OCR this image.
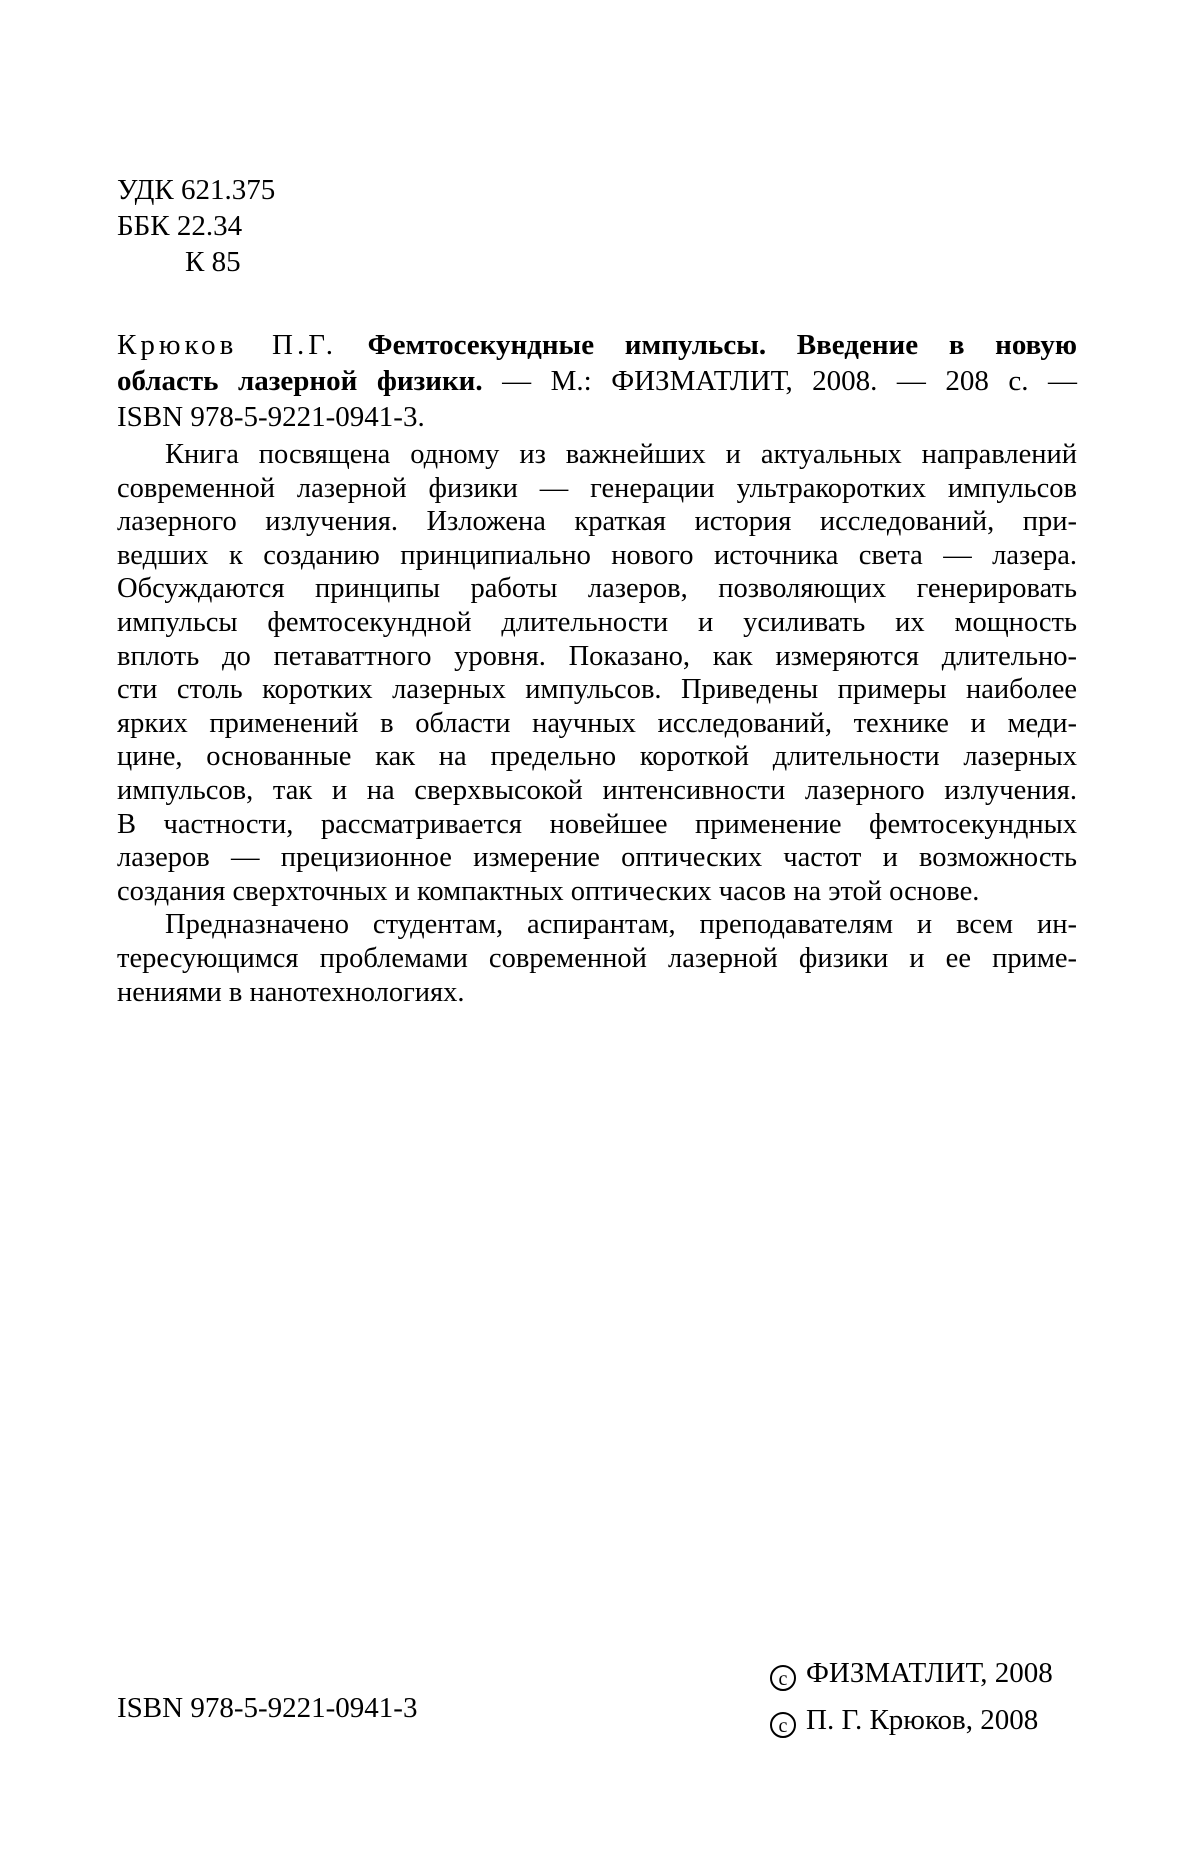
УДК 621.375
ББК 22.34
К 85
Крюков П.Г. Фемтосекундные импульсы. Введение в новую
область лазерной физики. — М.: ФИЗМАТЛИТ, 2008. — 208 с. —
ISBN 978-5-9221-0941-3.
Книга посвящена одному из важнейших и актуальных направлений
современной лазерной физики — генерации ультракоротких импульсов
лазерного излучения. Изложена краткая история исследований, при-
ведших к созданию принципиально нового источника света — лазера.
Обсуждаются принципы работы лазеров, позволяющих генерировать
импульсы фемтосекундной длительности и усиливать их мощность
вплоть до петаваттного уровня. Показано, как измеряются длительно-
сти столь коротких лазерных импульсов. Приведены примеры наиболее
ярких применений в области научных исследований, технике и меди-
цине, основанные как на предельно короткой длительности лазерных
импульсов, так и на сверхвысокой интенсивности лазерного излучения.
В частности, рассматривается новейшее применение фемтосекундных
лазеров — прецизионное измерение оптических частот и возможность
создания сверхточных и компактных оптических часов на этой основе.
Предназначено студентам, аспирантам, преподавателям и всем ин-
тересующимся проблемами современной лазерной физики и ее приме-
нениями в нанотехнологиях.
ISBN 978-5-9221-0941-3
c ФИЗМАТЛИТ, 2008
c П. Г. Крюков, 2008
